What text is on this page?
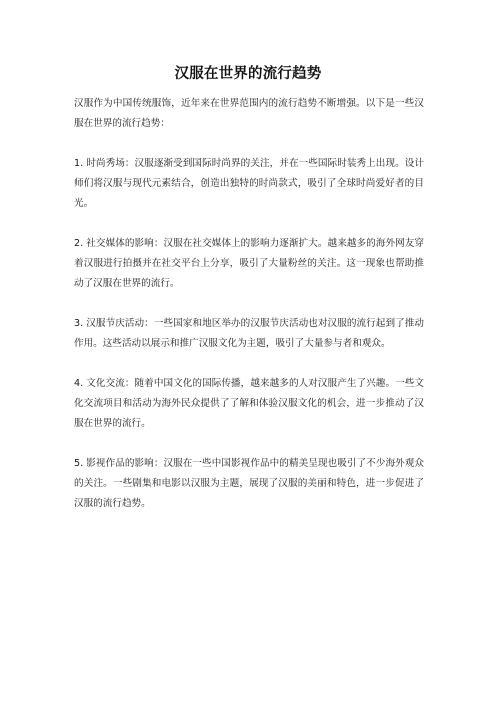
汉服在世界的流行趋势

汉服作为中国传统服饰，近年来在世界范围内的流行趋势不断增强。以下是一些汉服在世界的流行趋势：

1. 时尚秀场：汉服逐渐受到国际时尚界的关注，并在一些国际时装秀上出现。设计师们将汉服与现代元素结合，创造出独特的时尚款式，吸引了全球时尚爱好者的目光。

2. 社交媒体的影响：汉服在社交媒体上的影响力逐渐扩大。越来越多的海外网友穿着汉服进行拍摄并在社交平台上分享，吸引了大量粉丝的关注。这一现象也帮助推动了汉服在世界的流行。

3. 汉服节庆活动：一些国家和地区举办的汉服节庆活动也对汉服的流行起到了推动作用。这些活动以展示和推广汉服文化为主题，吸引了大量参与者和观众。

4. 文化交流：随着中国文化的国际传播，越来越多的人对汉服产生了兴趣。一些文化交流项目和活动为海外民众提供了了解和体验汉服文化的机会，进一步推动了汉服在世界的流行。

5. 影视作品的影响：汉服在一些中国影视作品中的精美呈现也吸引了不少海外观众的关注。一些剧集和电影以汉服为主题，展现了汉服的美丽和特色，进一步促进了汉服的流行趋势。
